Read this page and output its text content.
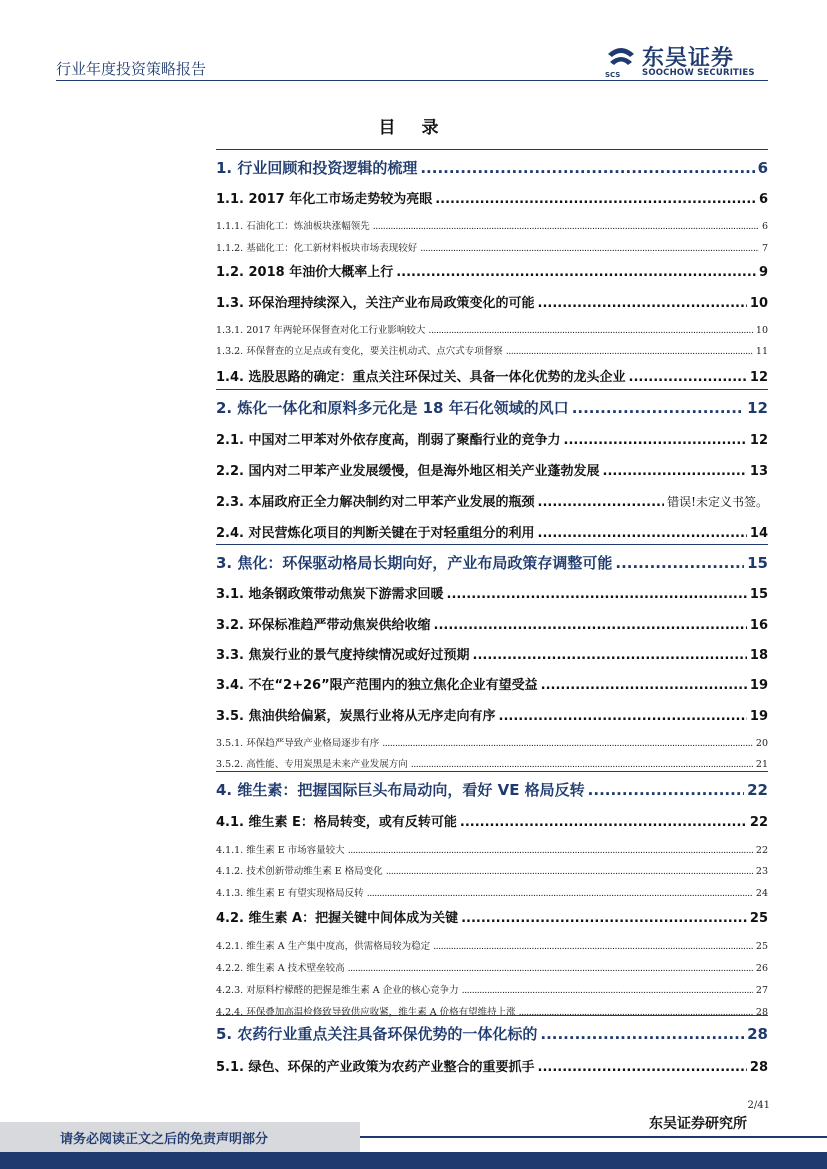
行业年度投资策略报告	SCS
东吴证券
SOOCHOW SECURITIES
目 录
1. 行业回顾和投资逻辑的梳理 .....	6
1.1. 2017 年化工市场走势较为亮眼 .....	6
1.1.1. 石油化工：炼油板块涨幅领先 .....	6
1.1.2. 基础化工：化工新材料板块市场表现较好 .....	7
1.2. 2018 年油价大概率上行 .....	9
1.3. 环保治理持续深入，关注产业布局政策变化的可能 .....	10
1.3.1. 2017 年两轮环保督查对化工行业影响较大 .....	10
1.3.2. 环保督查的立足点或有变化，要关注机动式、点穴式专项督察 .....	11
1.4. 选股思路的确定：重点关注环保过关、具备一体化优势的龙头企业 .....	12
2. 炼化一体化和原料多元化是 18 年石化领域的风口 .....	12
2.1. 中国对二甲苯对外依存度高，削弱了聚酯行业的竞争力 .....	12
2.2. 国内对二甲苯产业发展缓慢，但是海外地区相关产业蓬勃发展 .....	13
2.3. 本届政府正全力解决制约对二甲苯产业发展的瓶颈 .....	错误!未定义书签。
2.4. 对民营炼化项目的判断关键在于对轻重组分的利用 .....	14
3. 焦化：环保驱动格局长期向好，产业布局政策存调整可能 .....	15
3.1. 地条钢政策带动焦炭下游需求回暖 .....	15
3.2. 环保标准趋严带动焦炭供给收缩 .....	16
3.3. 焦炭行业的景气度持续情况或好过预期 .....	18
3.4. 不在“2+26”限产范围内的独立焦化企业有望受益 .....	19
3.5. 焦油供给偏紧，炭黑行业将从无序走向有序 .....	19
3.5.1. 环保趋严导致产业格局逐步有序 .....	20
3.5.2. 高性能、专用炭黑是未来产业发展方向 .....	21
4. 维生素：把握国际巨头布局动向，看好 VE 格局反转 .....	22
4.1. 维生素 E：格局转变，或有反转可能 .....	22
4.1.1. 维生素 E 市场容量较大 .....	22
4.1.2. 技术创新带动维生素 E 格局变化 .....	23
4.1.3. 维生素 E 有望实现格局反转 .....	24
4.2. 维生素 A：把握关键中间体成为关键 .....	25
4.2.1. 维生素 A 生产集中度高，供需格局较为稳定 .....	25
4.2.2. 维生素 A 技术壁垒较高 .....	26
4.2.3. 对原料柠檬醛的把握是维生素 A 企业的核心竞争力 .....	27
4.2.4. 环保叠加高温检修致导致供应收紧，维生素 A 价格有望维持上涨 .....	28
5. 农药行业重点关注具备环保优势的一体化标的 .....	28
5.1. 绿色、环保的产业政策为农药产业整合的重要抓手 .....	28
2/41
东吴证券研究所
请务必阅读正文之后的免责声明部分
